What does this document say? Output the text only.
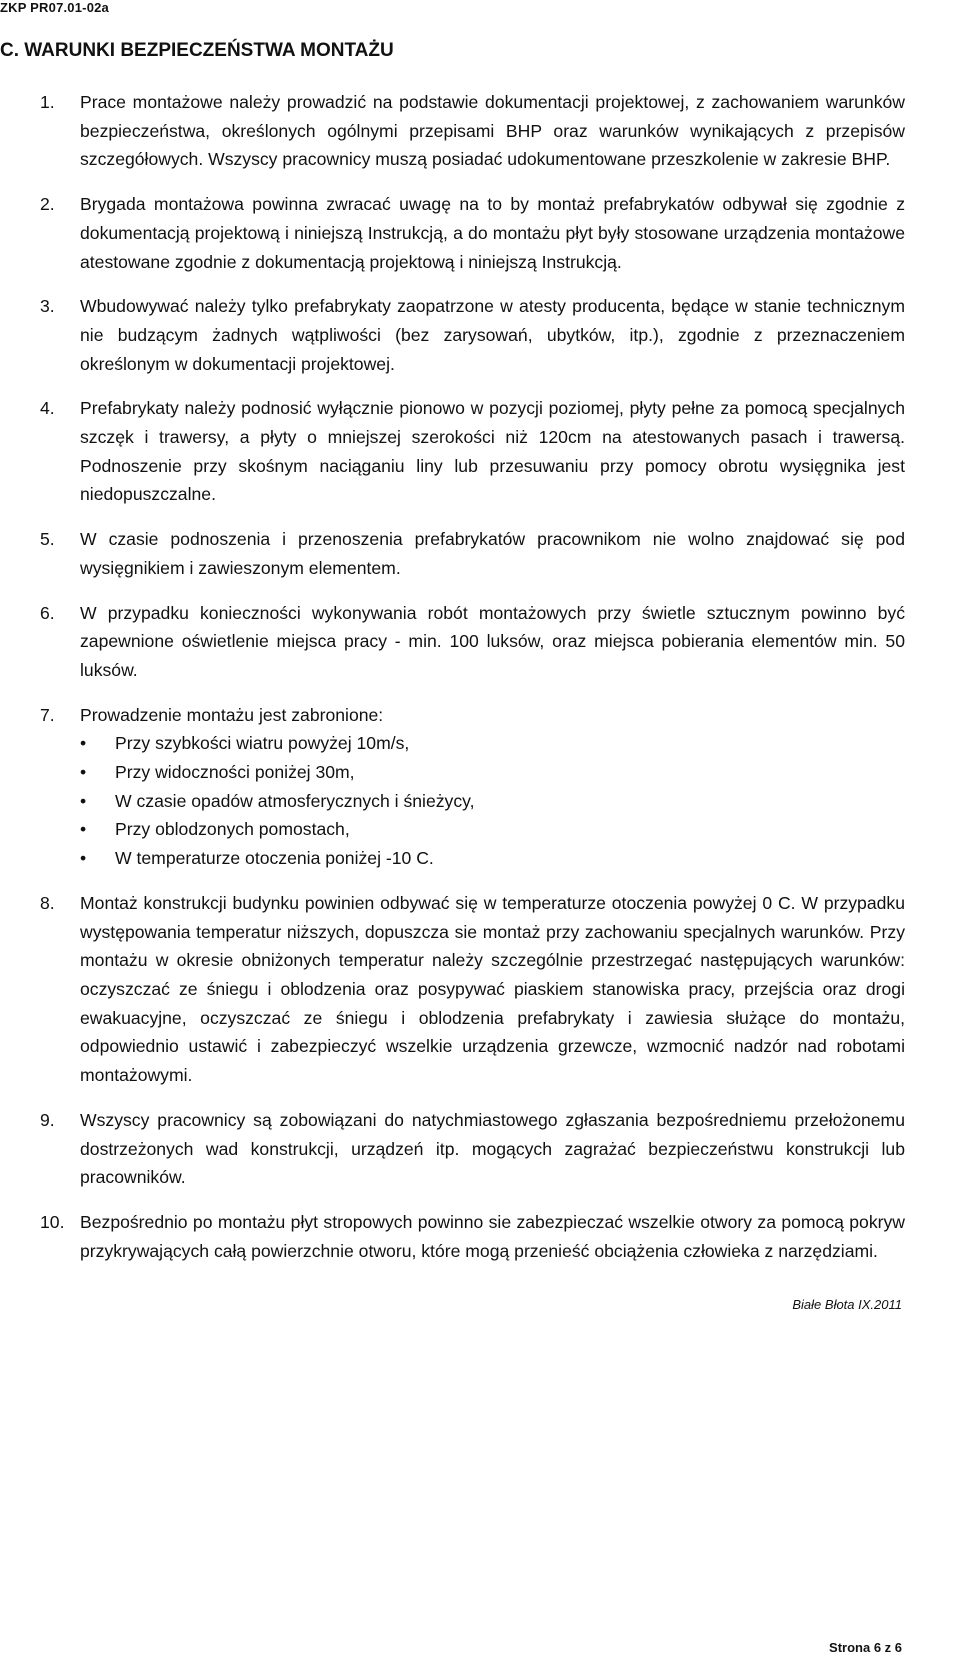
ZKP PR07.01-02a
C. WARUNKI BEZPIECZEŃSTWA MONTAŻU
1.	Prace montażowe należy prowadzić na podstawie dokumentacji projektowej, z zachowaniem warunków bezpieczeństwa, określonych ogólnymi przepisami BHP oraz warunków wynikających z przepisów szczegółowych. Wszyscy pracownicy muszą posiadać udokumentowane przeszkolenie w zakresie BHP.
2.	Brygada montażowa powinna zwracać uwagę na to by montaż prefabrykatów odbywał się zgodnie z dokumentacją projektową i niniejszą Instrukcją, a do montażu płyt były stosowane urządzenia montażowe atestowane zgodnie z dokumentacją projektową i niniejszą Instrukcją.
3.	Wbudowywać należy tylko prefabrykaty zaopatrzone w atesty producenta, będące w stanie technicznym nie budzącym żadnych wątpliwości (bez zarysowań, ubytków, itp.), zgodnie z przeznaczeniem określonym w dokumentacji projektowej.
4.	Prefabrykaty należy podnosić wyłącznie pionowo w pozycji poziomej, płyty pełne za pomocą specjalnych szczęk i trawersy, a płyty o mniejszej szerokości niż 120cm na atestowanych pasach i trawersą. Podnoszenie przy skośnym naciąganiu liny lub przesuwaniu przy pomocy obrotu wysięgnika jest niedopuszczalne.
5.	W czasie podnoszenia i przenoszenia prefabrykatów pracownikom nie wolno znajdować się pod wysięgnikiem i zawieszonym elementem.
6.	W przypadku konieczności wykonywania robót montażowych przy świetle sztucznym powinno być zapewnione oświetlenie miejsca pracy - min. 100 luksów, oraz miejsca pobierania elementów min. 50 luksów.
7.	Prowadzenie montażu jest zabronione:
•	Przy szybkości wiatru powyżej 10m/s,
•	Przy widoczności poniżej 30m,
•	W czasie opadów atmosferycznych i śnieżycy,
•	Przy oblodzonych pomostach,
•	W temperaturze otoczenia poniżej -10 C.
8.	Montaż konstrukcji budynku powinien odbywać się w temperaturze otoczenia powyżej 0 C. W przypadku występowania temperatur niższych, dopuszcza sie montaż przy zachowaniu specjalnych warunków. Przy montażu w okresie obniżonych temperatur należy szczególnie przestrzegać następujących warunków: oczyszczać ze śniegu i oblodzenia oraz posypywać piaskiem stanowiska pracy, przejścia oraz drogi ewakuacyjne, oczyszczać ze śniegu i oblodzenia prefabrykaty i zawiesia służące do montażu, odpowiednio ustawić i zabezpieczyć wszelkie urządzenia grzewcze, wzmocnić nadzór nad robotami montażowymi.
9.	Wszyscy pracownicy są zobowiązani do natychmiastowego zgłaszania bezpośredniemu przełożonemu dostrzeżonych wad konstrukcji, urządzeń itp. mogących zagrażać bezpieczeństwu konstrukcji lub pracowników.
10. Bezpośrednio po montażu płyt stropowych powinno sie zabezpieczać wszelkie otwory za pomocą pokryw przykrywających całą powierzchnie otworu, które mogą przenieść obciążenia człowieka z narzędziami.
Białe Błota IX.2011
Strona 6 z 6
